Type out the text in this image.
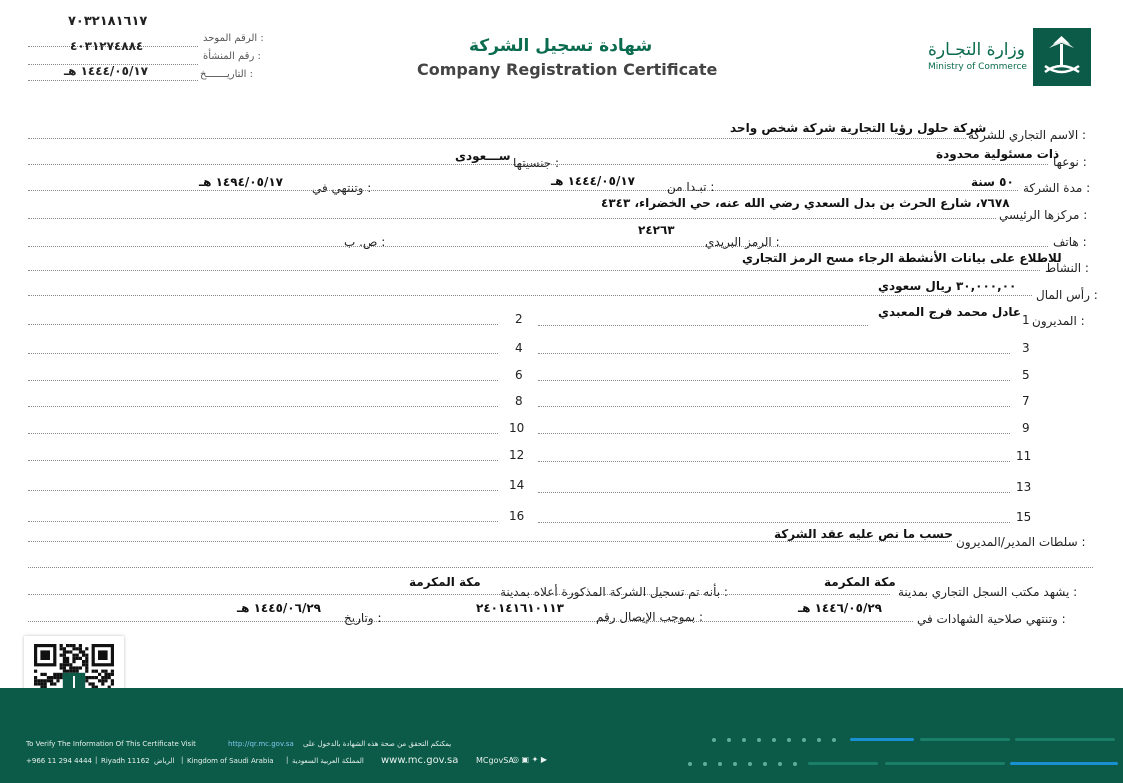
٧٠٣٢١٨١٦١٧
الرقم الموحد :
٤٠٣١٢٧٤٨٨٤
رقم المنشأة :
١٤٤٤/٠٥/١٧ هـ	التاريـــــــخ :
شهادة تسجيل الشركة
Company Registration Certificate
وزارة التجـارة
Ministry of Commerce
الاسم التجاري للشركة :
شركة حلول رؤيا التجارية شركة شخص واحد
نوعها :
ذات مسئولية محدودة
جنسيتها :
ســـعودى
مدة الشركة :
٥٠ سنة
تبـدا من :
١٤٤٤/٠٥/١٧ هـ
وتنتهي في :
١٤٩٤/٠٥/١٧ هـ
مركزها الرئيسي :
٧٦٧٨، شارع الحرث بن بدل السعدي رضي الله عنه، حي الخضراء، ٤٣٤٣
٢٤٢٦٣
هاتف :
الرمز البريدي :
ص. ب :
النشاط :
للاطلاع على بيانات الأنشطة الرجاء مسح الرمز التجاري
رأس المال :
٣٠,٠٠٠,٠٠ ريال سعودي
المديرون :
عادل محمد فرج المعبدي
1
3
5
7
9
11
13
15
2
4
6
8
10
12
14
16
سلطات المدير/المديرون :
حسب ما نص عليه عقد الشركة
يشهد مكتب السجل التجاري بمدينة :
مكة المكرمة
بأنه تم تسجيل الشركة المذكورة أعلاه بمدينة :
مكة المكرمة
وتنتهي صلاحية الشهادات في :
١٤٤٦/٠٥/٢٩ هـ
بموجب الإيصال رقم :
٢٤٠١٤١٦١٠١١٣
وتاريخ :
١٤٤٥/٠٦/٢٩ هـ
To Verify The Information Of This Certificate Visit	http://qr.mc.gov.sa يمكنكم التحقق من صحة هذه الشهادة بالدخول على
+966 11 294 4444 | Riyadh 11162 الرياض | Kingdom of Saudi Arabia | المملكة العربية السعودية www.mc.gov.sa MCgovSA
◎ ▣ ✦ ▶
